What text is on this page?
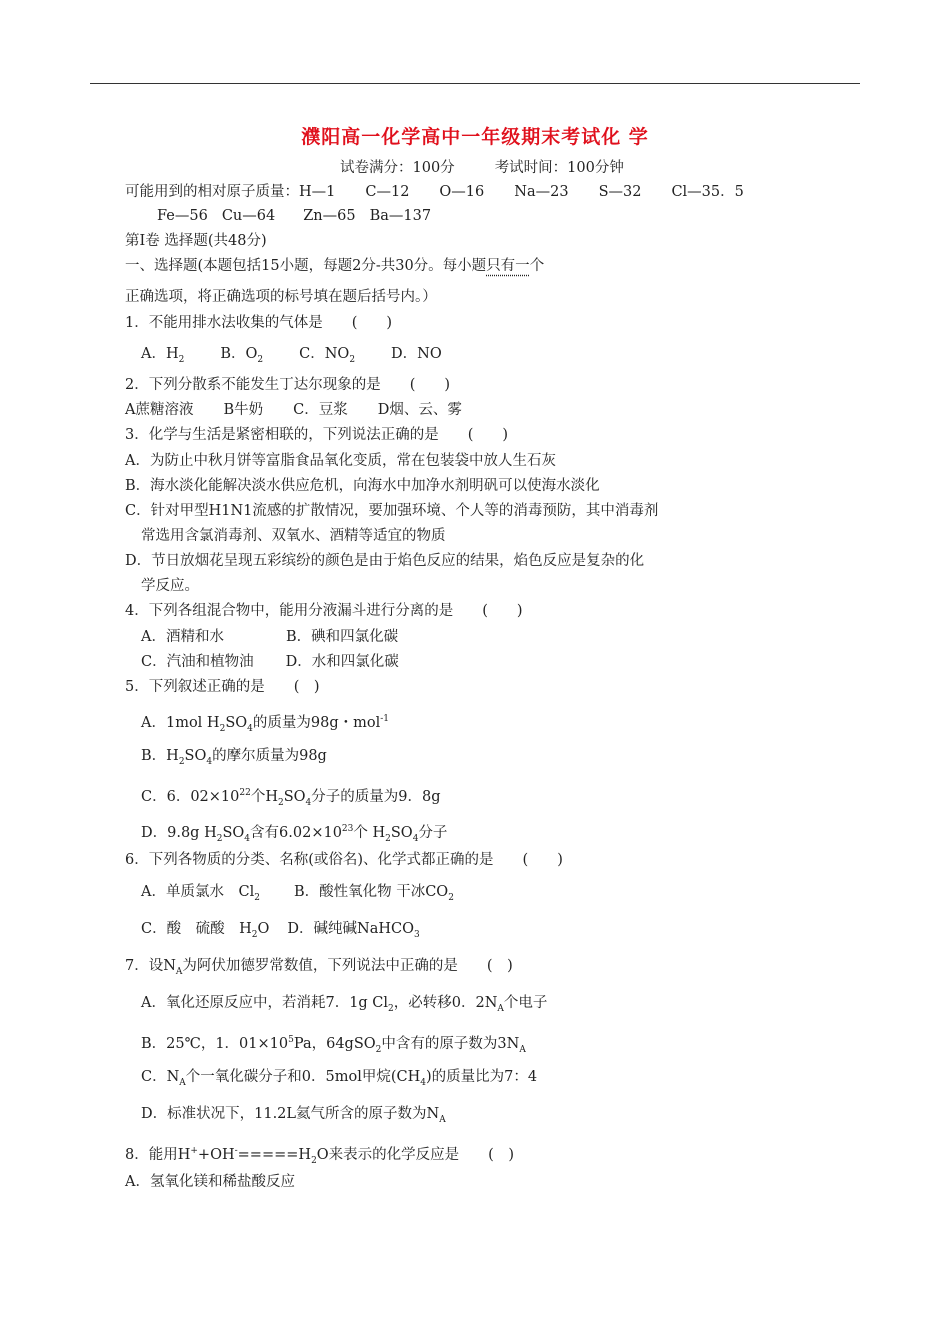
濮阳高一化学高中一年级期末考试化 学
试卷满分：100分	考试时间：100分钟
可能用到的相对原子质量：H—1 C—12 O—16 Na—23 S—32 Cl—35．5
Fe—56 Cu—64 Zn—65 Ba—137
第Ⅰ卷 选择题(共48分)
一、选择题(本题包括15小题，每题2分-共30分。每小题只有一个
正确选项，将正确选项的标号填在题后括号内。）
1．不能用排水法收集的气体是　　(　　)
A．$H_2$ B．$O_2$ C．$NO_2$ D．NO
2．下列分散系不能发生丁达尔现象的是　　(　　)
A蔗糖溶液 B牛奶 C．豆浆 D烟、云、雾
3．化学与生活是紧密相联的，下列说法正确的是　　(　　)
A．为防止中秋月饼等富脂食品氧化变质，常在包装袋中放人生石灰
B．海水淡化能解决淡水供应危机，向海水中加净水剂明矾可以使海水淡化
C．针对甲型H1N1流感的扩散情况，要加强环境、个人等的消毒预防，其中消毒剂
常选用含氯消毒剂、双氧水、酒精等适宜的物质
D．节日放烟花呈现五彩缤纷的颜色是由于焰色反应的结果，焰色反应是复杂的化
学反应。
4．下列各组混合物中，能用分液漏斗进行分离的是　　(　　)
A．酒精和水	B．碘和四氯化碳
C．汽油和植物油 D．水和四氯化碳
5．下列叙述正确的是　　(　)
A．1mol $H_2SO_4$的质量为98g・mol$^{-1}$
B．$H_2SO_4$的摩尔质量为98g
C．6．$02\times 10^{22}$个$H_2SO_4$分子的质量为9．8g
D．9.8g $H_2SO_4$含有$6.02\times 10^{23}$个 $H_2SO_4$分子
6．下列各物质的分类、名称(或俗名)、化学式都正确的是　　(　　)
A．单质氯水　$Cl_2$ B．酸性氧化物 干冰$CO_2$
C．酸　硫酸　$H_2O$ D．碱纯碱NaHCO$_3$
7．设$N_A$为阿伏加德罗常数值，下列说法中正确的是　　(　)
A．氧化还原反应中，若消耗7．1g $Cl_2$，必转移0．$2N_A$个电子
B．25℃，1．$01\times 10^5Pa$，64gSO$_2$中含有的原子数为$3N_A$
C．$N_A$个一氧化碳分子和0．5mol甲烷$(CH_4)$的质量比为7：4
D．标准状况下，11.2L氦气所含的原子数为$N_A$
8．能用$H^++OH^-=====H_2O$来表示的化学反应是　　(　)
A．氢氧化镁和稀盐酸反应
